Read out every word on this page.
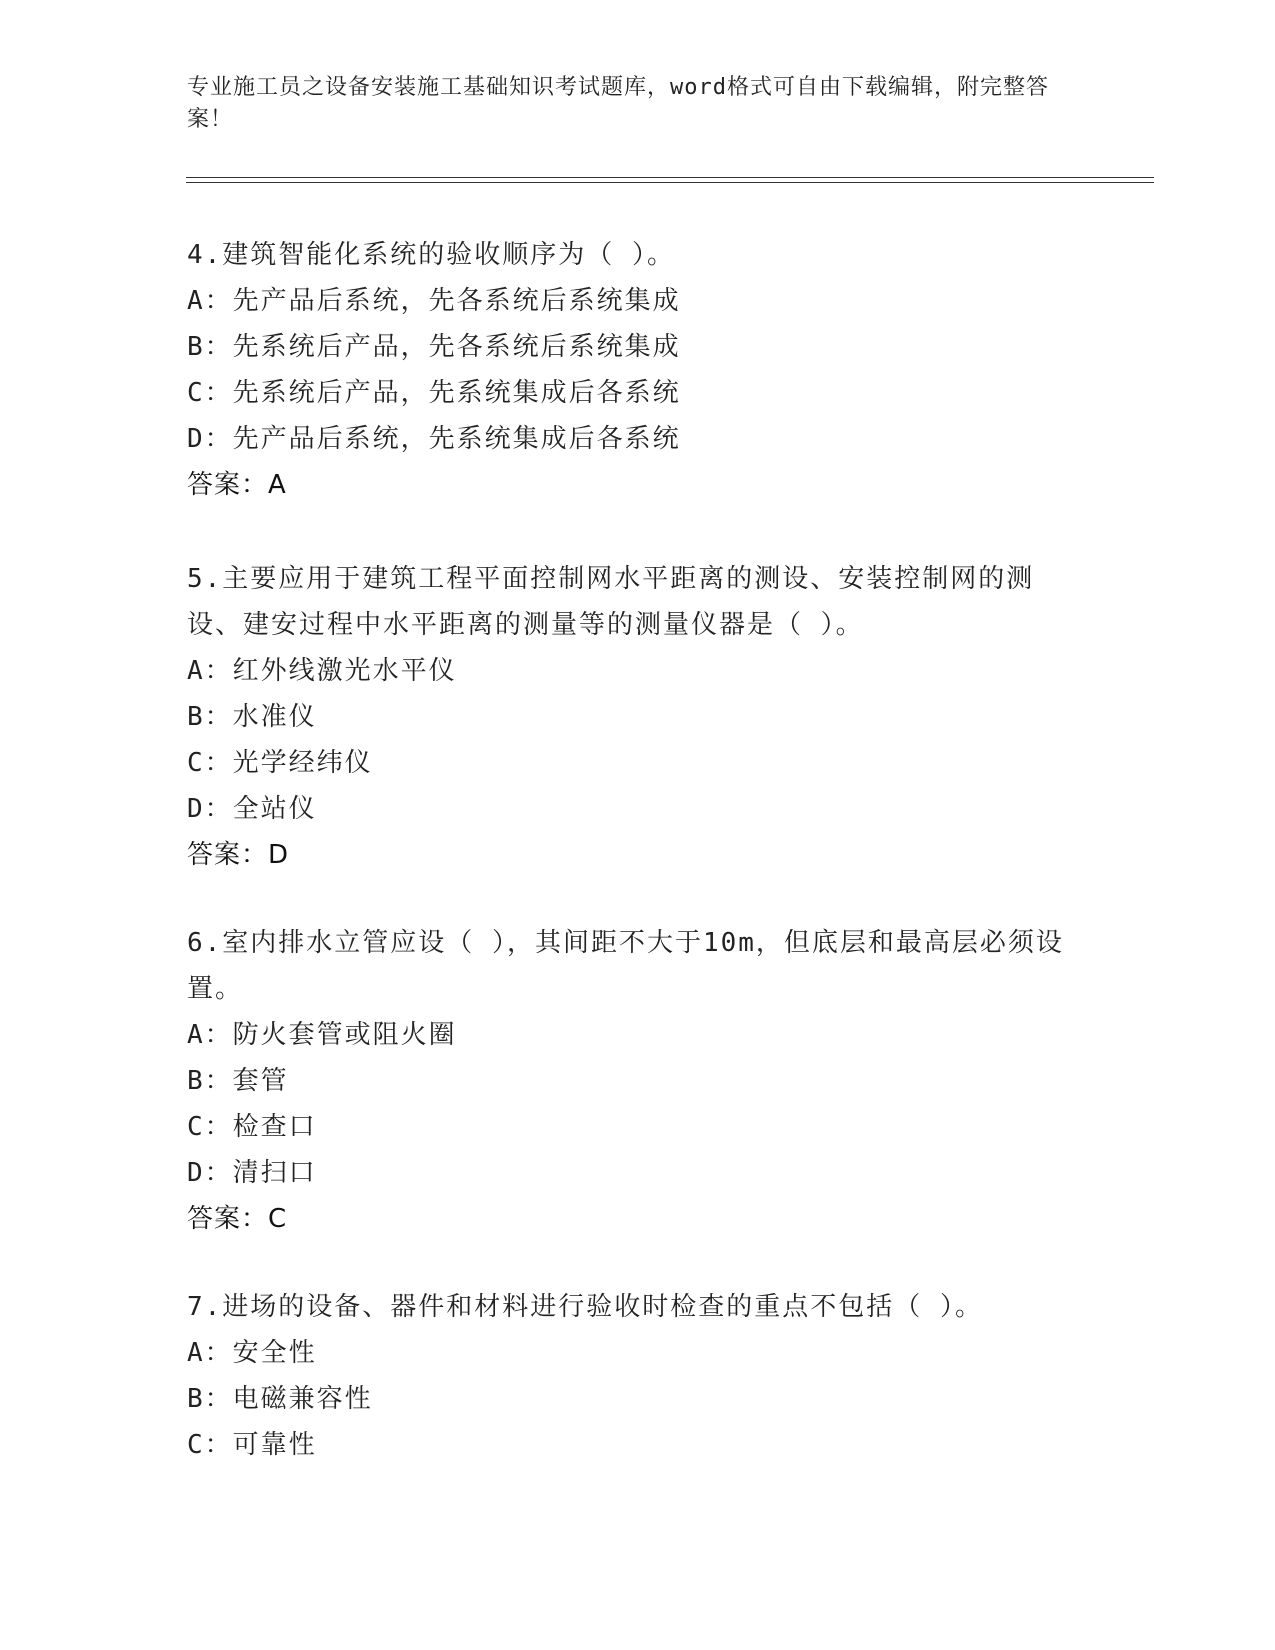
专业施工员之设备安装施工基础知识考试题库，word格式可自由下载编辑，附完整答案！
4.建筑智能化系统的验收顺序为（ ）。
A：先产品后系统，先各系统后系统集成
B：先系统后产品，先各系统后系统集成
C：先系统后产品，先系统集成后各系统
D：先产品后系统，先系统集成后各系统
答案：A
5.主要应用于建筑工程平面控制网水平距离的测设、安装控制网的测设、建安过程中水平距离的测量等的测量仪器是（ ）。
A：红外线激光水平仪
B：水准仪
C：光学经纬仪
D：全站仪
答案：D
6.室内排水立管应设（ ），其间距不大于10m，但底层和最高层必须设置。
A：防火套管或阻火圈
B：套管
C：检查口
D：清扫口
答案：C
7.进场的设备、器件和材料进行验收时检查的重点不包括（ ）。
A：安全性
B：电磁兼容性
C：可靠性
